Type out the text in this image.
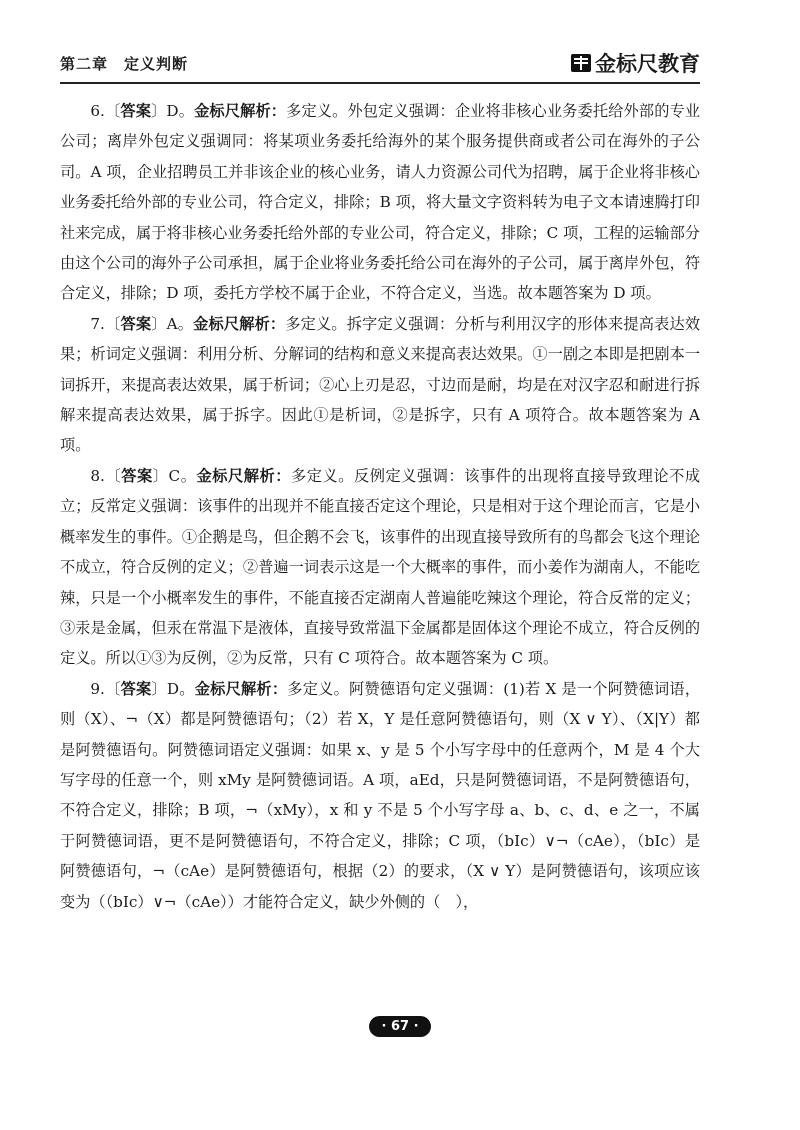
第二章　定义判断	金标尺教育

6.〔答案〕D。金标尺解析：多定义。外包定义强调：企业将非核心业务委托给外部的专业公司；离岸外包定义强调同：将某项业务委托给海外的某个服务提供商或者公司在海外的子公司。A 项，企业招聘员工并非该企业的核心业务，请人力资源公司代为招聘，属于企业将非核心业务委托给外部的专业公司，符合定义，排除；B 项，将大量文字资料转为电子文本请速腾打印社来完成，属于将非核心业务委托给外部的专业公司，符合定义，排除；C 项，工程的运输部分由这个公司的海外子公司承担，属于企业将业务委托给公司在海外的子公司，属于离岸外包，符合定义，排除；D 项，委托方学校不属于企业，不符合定义，当选。故本题答案为 D 项。

7.〔答案〕A。金标尺解析：多定义。拆字定义强调：分析与利用汉字的形体来提高表达效果；析词定义强调：利用分析、分解词的结构和意义来提高表达效果。①一剧之本即是把剧本一词拆开，来提高表达效果，属于析词；②心上刃是忍，寸边而是耐，均是在对汉字忍和耐进行拆解来提高表达效果，属于拆字。因此①是析词，②是拆字，只有 A 项符合。故本题答案为 A 项。

8.〔答案〕C。金标尺解析：多定义。反例定义强调：该事件的出现将直接导致理论不成立；反常定义强调：该事件的出现并不能直接否定这个理论，只是相对于这个理论而言，它是小概率发生的事件。①企鹅是鸟，但企鹅不会飞，该事件的出现直接导致所有的鸟都会飞这个理论不成立，符合反例的定义；②普遍一词表示这是一个大概率的事件，而小姜作为湖南人，不能吃辣，只是一个小概率发生的事件，不能直接否定湖南人普遍能吃辣这个理论，符合反常的定义；③汞是金属，但汞在常温下是液体，直接导致常温下金属都是固体这个理论不成立，符合反例的定义。所以①③为反例，②为反常，只有 C 项符合。故本题答案为 C 项。

9.〔答案〕D。金标尺解析：多定义。阿赞德语句定义强调：(1)若 X 是一个阿赞德词语，则（X）、¬（X）都是阿赞德语句；（2）若 X，Y 是任意阿赞德语句，则（X ∨ Y）、（X|Y）都是阿赞德语句。阿赞德词语定义强调：如果 x、y 是 5 个小写字母中的任意两个，M 是 4 个大写字母的任意一个，则 xMy 是阿赞德词语。A 项，aEd，只是阿赞德词语，不是阿赞德语句，不符合定义，排除；B 项，¬（xMy），x 和 y 不是 5 个小写字母 a、b、c、d、e 之一，不属于阿赞德词语，更不是阿赞德语句，不符合定义，排除；C 项，（bIc）∨¬（cAe），（bIc）是阿赞德语句，¬（cAe）是阿赞德语句，根据（2）的要求，（X ∨ Y）是阿赞德语句，该项应该变为（（bIc）∨¬（cAe））才能符合定义，缺少外侧的（　），

· 67 ·
